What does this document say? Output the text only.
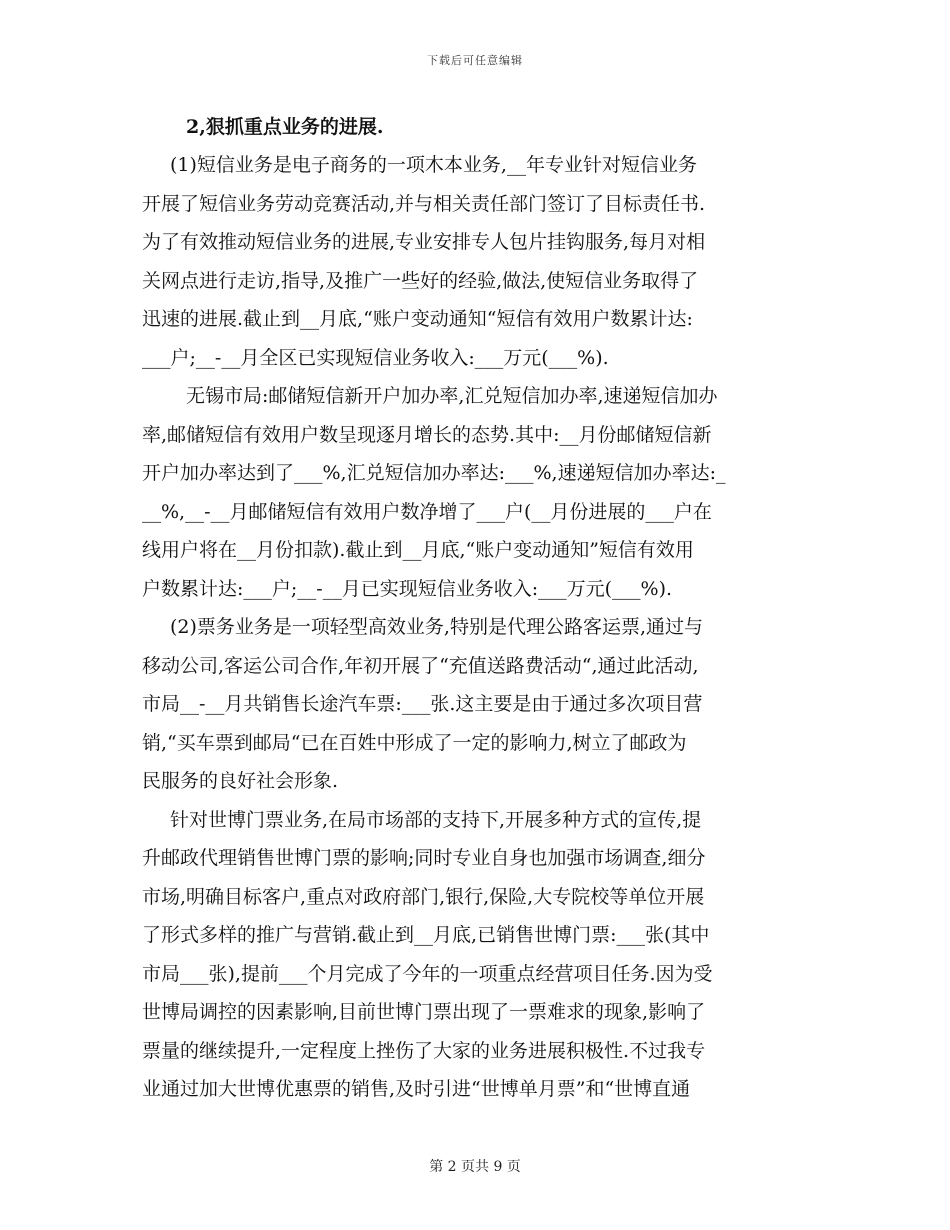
下载后可任意编辑
2,狠抓重点业务的进展.
(1)短信业务是电子商务的一项木本业务,__年专业针对短信业务
开展了短信业务劳动竞赛活动,并与相关责任部门签订了目标责任书.
为了有效推动短信业务的进展,专业安排专人包片挂钩服务,每月对相
关网点进行走访,指导,及推广一些好的经验,做法,使短信业务取得了
迅速的进展.截止到__月底,“账户变动通知“短信有效用户数累计达:
___户;__-__月全区已实现短信业务收入:___万元(___%).
无锡市局:邮储短信新开户加办率,汇兑短信加办率,速递短信加办
率,邮储短信有效用户数呈现逐月增长的态势.其中:__月份邮储短信新
开户加办率达到了___%,汇兑短信加办率达:___%,速递短信加办率达:_
__%,__-__月邮储短信有效用户数净增了___户(__月份进展的___户在
线用户将在__月份扣款).截止到__月底,“账户变动通知”短信有效用
户数累计达:___户;__-__月已实现短信业务收入:___万元(___%).
(2)票务业务是一项轻型高效业务,特别是代理公路客运票,通过与
移动公司,客运公司合作,年初开展了“充值送路费活动“,通过此活动,
市局__-__月共销售长途汽车票:___张.这主要是由于通过多次项目营
销,“买车票到邮局“已在百姓中形成了一定的影响力,树立了邮政为
民服务的良好社会形象.
针对世博门票业务,在局市场部的支持下,开展多种方式的宣传,提
升邮政代理销售世博门票的影响;同时专业自身也加强市场调查,细分
市场,明确目标客户,重点对政府部门,银行,保险,大专院校等单位开展
了形式多样的推广与营销.截止到__月底,已销售世博门票:___张(其中
市局___张),提前___个月完成了今年的一项重点经营项目任务.因为受
世博局调控的因素影响,目前世博门票出现了一票难求的现象,影响了
票量的继续提升,一定程度上挫伤了大家的业务进展积极性.不过我专
业通过加大世博优惠票的销售,及时引进“世博单月票”和“世博直通
第 2 页共 9 页
